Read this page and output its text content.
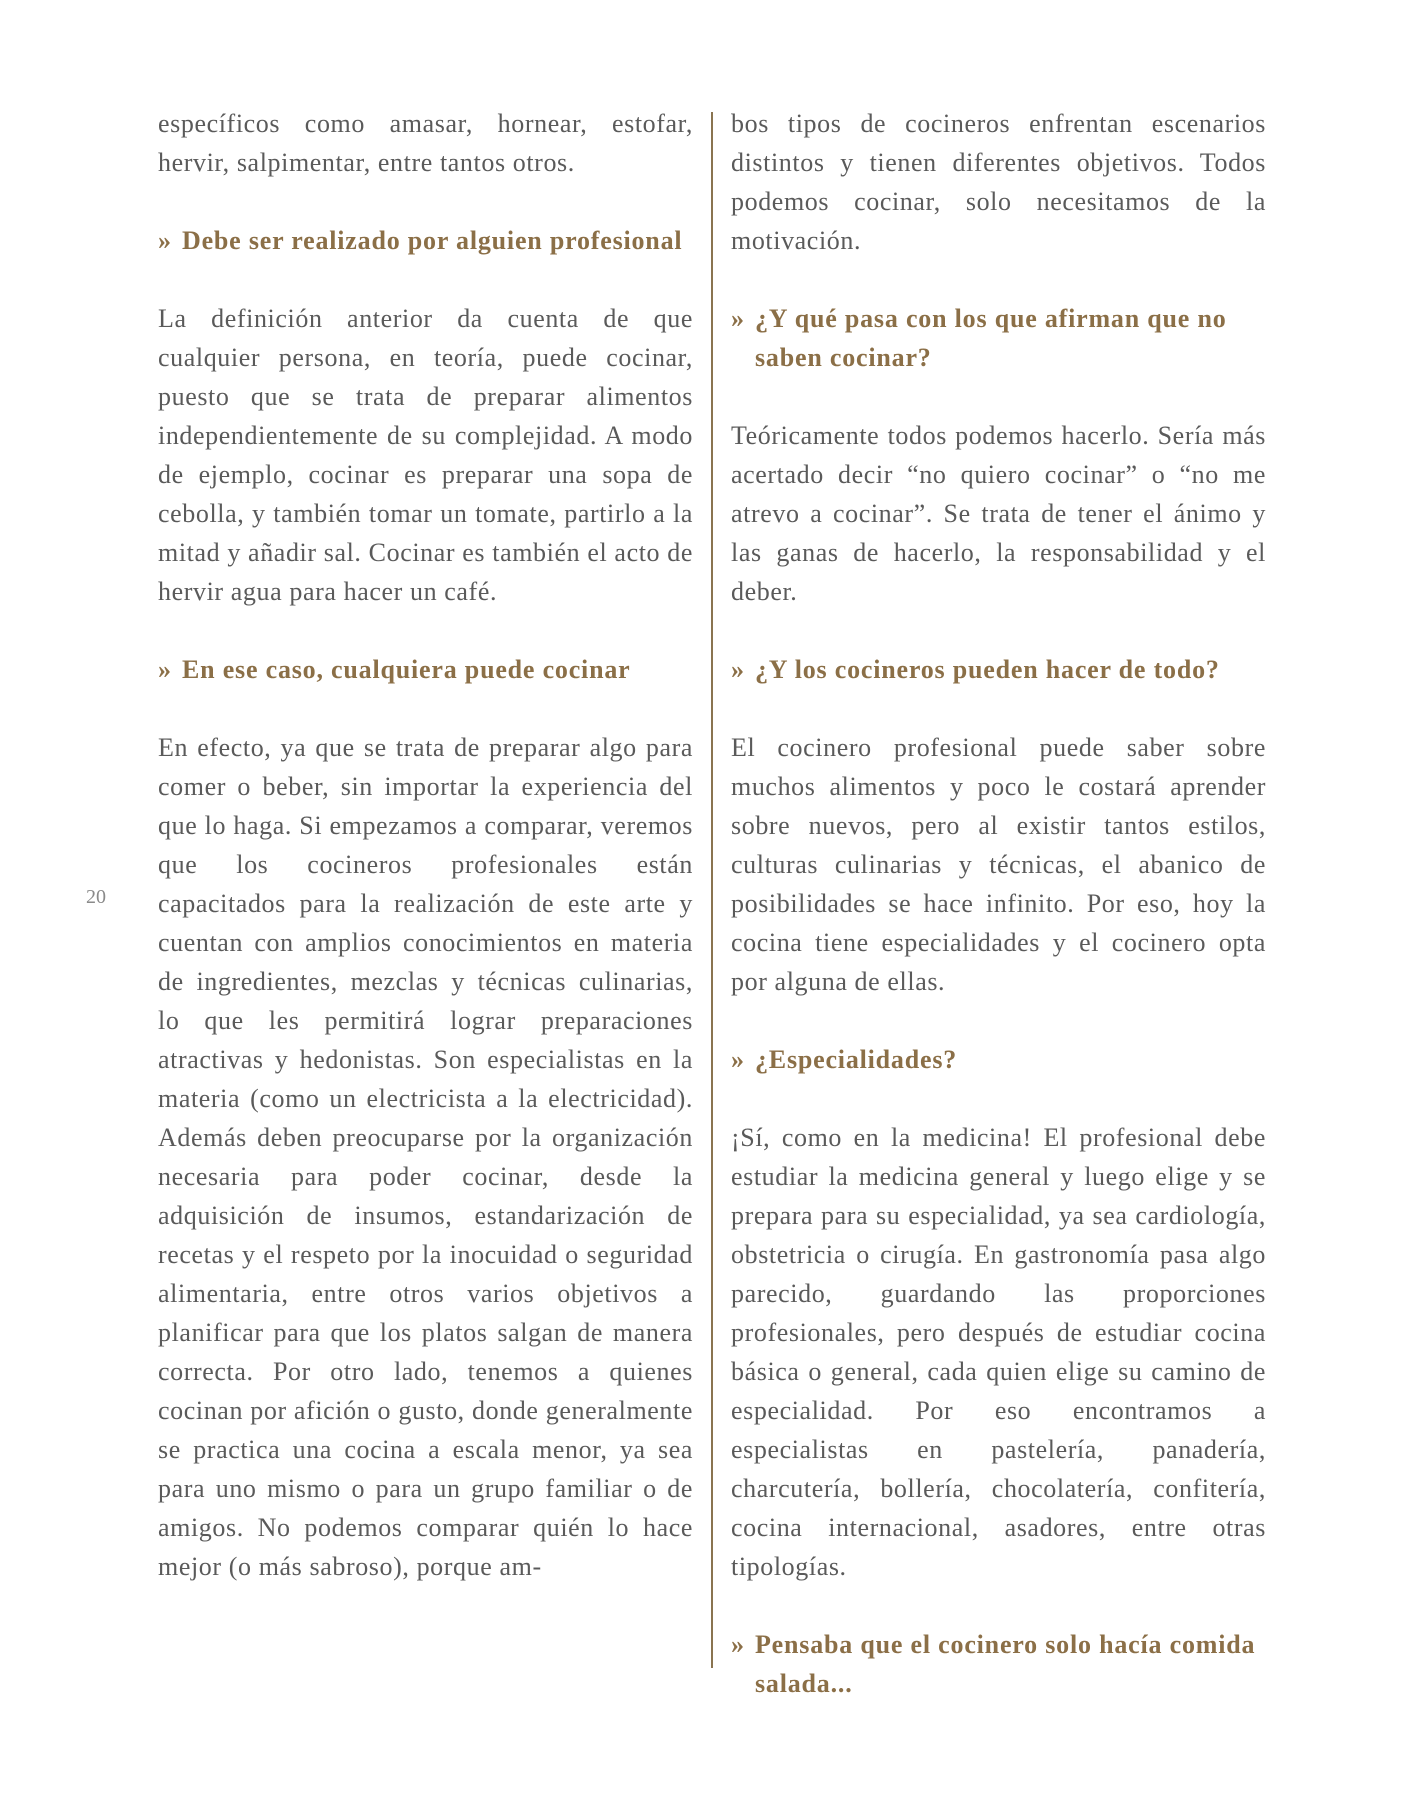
20

específicos como amasar, hornear, estofar, hervir, salpimentar, entre tantos otros.

» Debe ser realizado por alguien profesional

La definición anterior da cuenta de que cualquier persona, en teoría, puede cocinar, puesto que se trata de preparar alimentos independientemente de su complejidad. A modo de ejemplo, cocinar es preparar una sopa de cebolla, y también tomar un tomate, partirlo a la mitad y añadir sal. Cocinar es también el acto de hervir agua para hacer un café.

» En ese caso, cualquiera puede cocinar

En efecto, ya que se trata de preparar algo para comer o beber, sin importar la experiencia del que lo haga. Si empezamos a comparar, veremos que los cocineros profesionales están capacitados para la realización de este arte y cuentan con amplios conocimientos en materia de ingredientes, mezclas y técnicas culinarias, lo que les permitirá lograr preparaciones atractivas y hedonistas. Son especialistas en la materia (como un electricista a la electricidad). Además deben preocuparse por la organización necesaria para poder cocinar, desde la adquisición de insumos, estandarización de recetas y el respeto por la inocuidad o seguridad alimentaria, entre otros varios objetivos a planificar para que los platos salgan de manera correcta. Por otro lado, tenemos a quienes cocinan por afición o gusto, donde generalmente se practica una cocina a escala menor, ya sea para uno mismo o para un grupo familiar o de amigos. No podemos comparar quién lo hace mejor (o más sabroso), porque am-

bos tipos de cocineros enfrentan escenarios distintos y tienen diferentes objetivos. Todos podemos cocinar, solo necesitamos de la motivación.

» ¿Y qué pasa con los que afirman que no saben cocinar?

Teóricamente todos podemos hacerlo. Sería más acertado decir “no quiero cocinar” o “no me atrevo a cocinar”. Se trata de tener el ánimo y las ganas de hacerlo, la responsabilidad y el deber.

» ¿Y los cocineros pueden hacer de todo?

El cocinero profesional puede saber sobre muchos alimentos y poco le costará aprender sobre nuevos, pero al existir tantos estilos, culturas culinarias y técnicas, el abanico de posibilidades se hace infinito. Por eso, hoy la cocina tiene especialidades y el cocinero opta por alguna de ellas.

» ¿Especialidades?

¡Sí, como en la medicina! El profesional debe estudiar la medicina general y luego elige y se prepara para su especialidad, ya sea cardiología, obstetricia o cirugía. En gastronomía pasa algo parecido, guardando las proporciones profesionales, pero después de estudiar cocina básica o general, cada quien elige su camino de especialidad. Por eso encontramos a especialistas en pastelería, panadería, charcutería, bollería, chocolatería, confitería, cocina internacional, asadores, entre otras tipologías.

» Pensaba que el cocinero solo hacía comida salada...
